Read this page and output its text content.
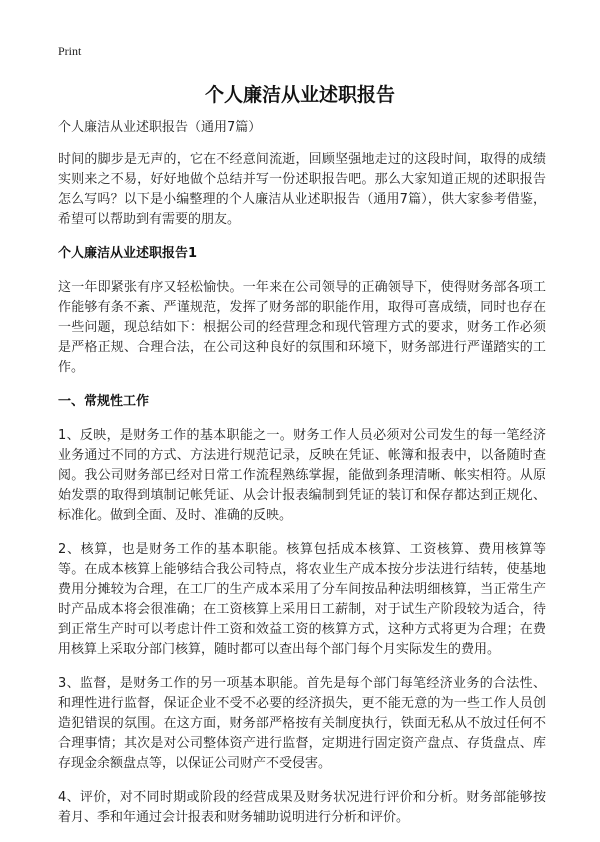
Print
个人廉洁从业述职报告

个人廉洁从业述职报告（通用7篇）

时间的脚步是无声的，它在不经意间流逝，回顾坚强地走过的这段时间，取得的成绩实则来之不易，好好地做个总结并写一份述职报告吧。那么大家知道正规的述职报告怎么写吗？以下是小编整理的个人廉洁从业述职报告（通用7篇），供大家参考借鉴，希望可以帮助到有需要的朋友。

个人廉洁从业述职报告1

这一年即紧张有序又轻松愉快。一年来在公司领导的正确领导下，使得财务部各项工作能够有条不紊、严谨规范，发挥了财务部的职能作用，取得可喜成绩，同时也存在一些问题，现总结如下：根据公司的经营理念和现代管理方式的要求，财务工作必须是严格正规、合理合法，在公司这种良好的氛围和环境下，财务部进行严谨踏实的工作。

一、常规性工作

1、反映，是财务工作的基本职能之一。财务工作人员必须对公司发生的每一笔经济业务通过不同的方式、方法进行规范记录，反映在凭证、帐簿和报表中，以备随时查阅。我公司财务部已经对日常工作流程熟练掌握，能做到条理清晰、帐实相符。从原始发票的取得到填制记帐凭证、从会计报表编制到凭证的装订和保存都达到正规化、标准化。做到全面、及时、准确的反映。

2、核算，也是财务工作的基本职能。核算包括成本核算、工资核算、费用核算等等。在成本核算上能够结合我公司特点，将农业生产成本按分步法进行结转，使基地费用分摊较为合理，在工厂的生产成本采用了分车间按品种法明细核算，当正常生产时产品成本将会很准确；在工资核算上采用日工薪制，对于试生产阶段较为适合，待到正常生产时可以考虑计件工资和效益工资的核算方式，这种方式将更为合理；在费用核算上采取分部门核算，随时都可以查出每个部门每个月实际发生的费用。

3、监督，是财务工作的另一项基本职能。首先是每个部门每笔经济业务的合法性、和理性进行监督，保证企业不受不必要的经济损失，更不能无意的为一些工作人员创造犯错误的氛围。在这方面，财务部严格按有关制度执行，铁面无私从不放过任何不合理事情；其次是对公司整体资产进行监督，定期进行固定资产盘点、存货盘点、库存现金余额盘点等，以保证公司财产不受侵害。

4、评价，对不同时期或阶段的经营成果及财务状况进行评价和分析。财务部能够按着月、季和年通过会计报表和财务辅助说明进行分析和评价。
